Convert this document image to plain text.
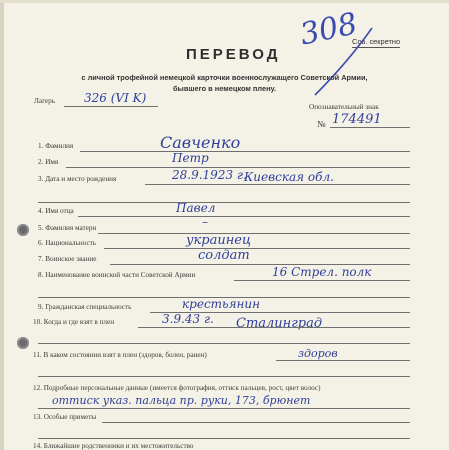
Сов. секретно
308
ПЕРЕВОД
с личной трофейной немецкой карточки военнослужащего Советской Армии,
бывшего в немецком плену.
Лагерь 326 (VI K)
Опознавательный знак
№ 174491
1. Фамилия	Савченко
2. Имя	Петр
3. Дата и место рождения	28.9.1923 г.
Киевская обл.
4. Имя отца	Павел
5. Фамилия матери	–
6. Национальность	украинец
7. Воинское звание	солдат
8. Наименование воинской части Советской Армии	16 Стрел. полк
9. Гражданская специальность	крестьянин
10. Когда и где взят в плен	3.9.43 г. Сталинград
11. В каком состоянии взят в плен (здоров, болен, ранен)	здоров
12. Подробные персональные данные (имеется фотография, оттиск пальцев, рост, цвет волос)
оттиск указ. пальца пр. руки, 173, брюнет
13. Особые приметы
14. Ближайшие родственники и их местожительство
